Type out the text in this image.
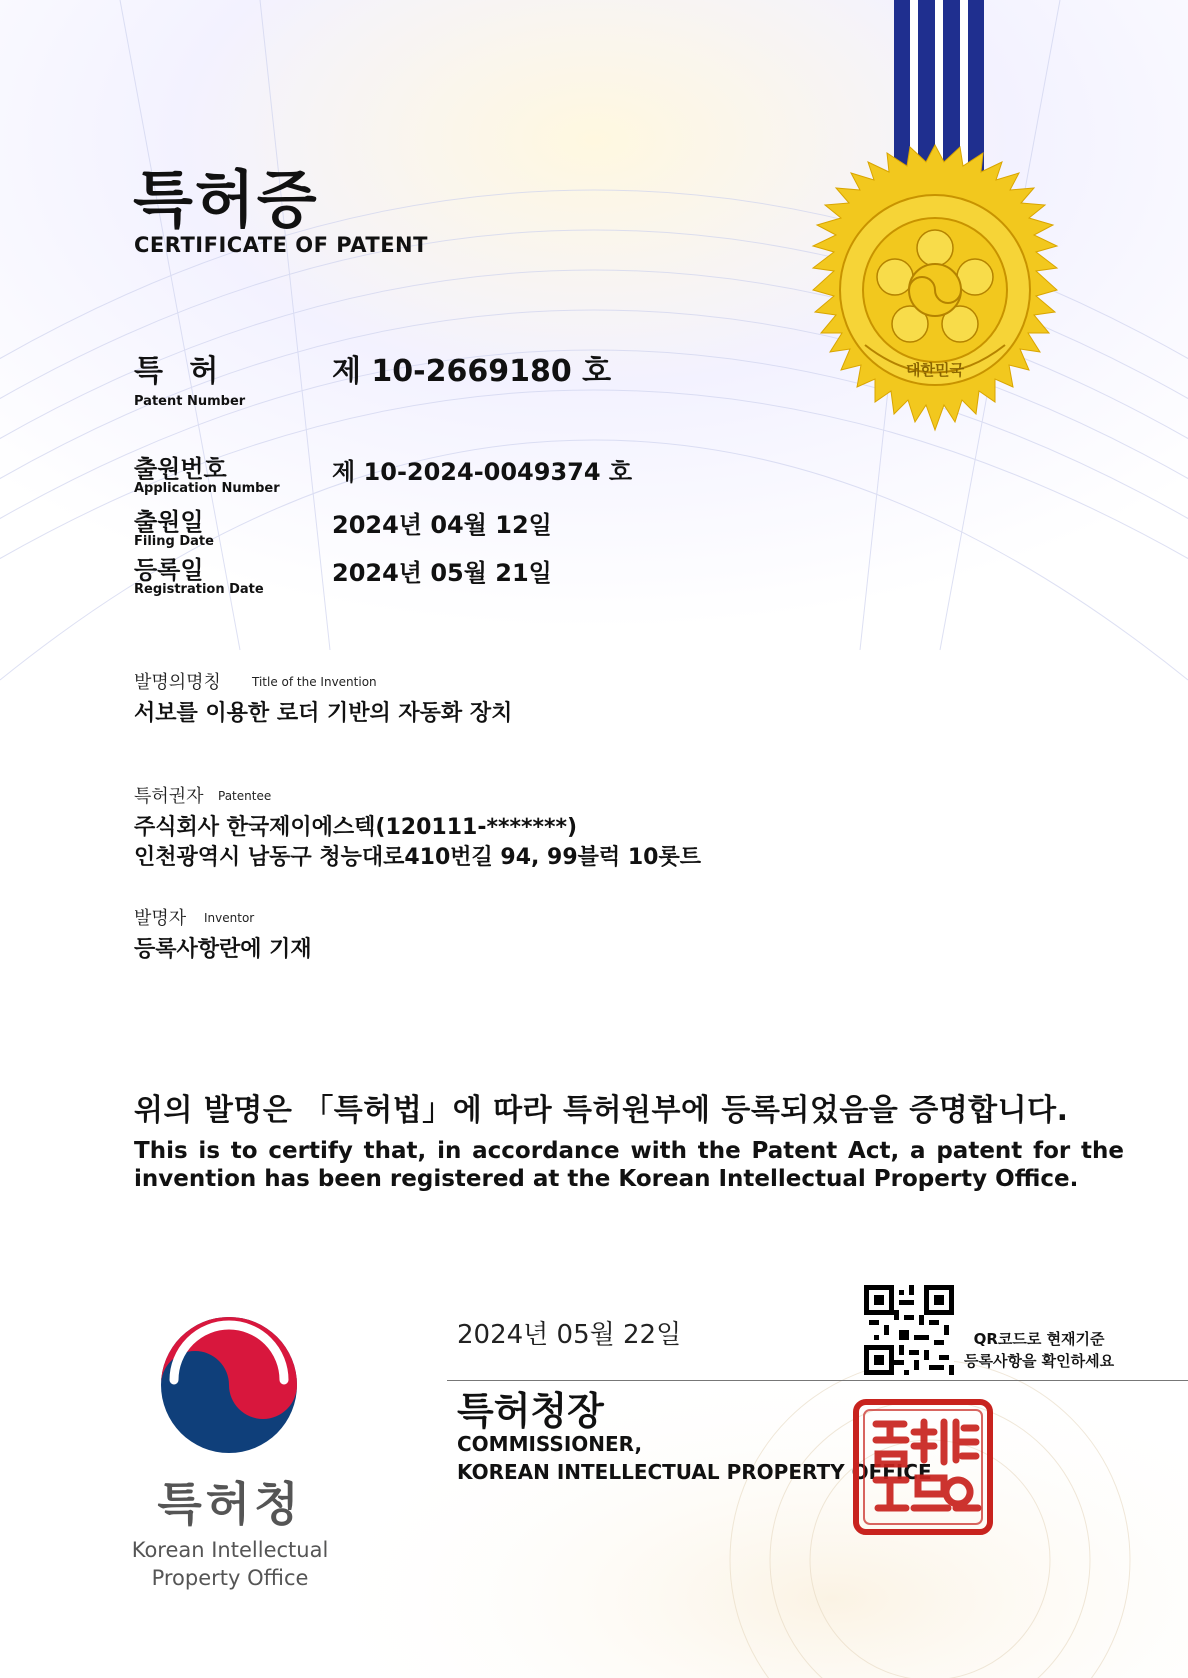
대한민국
특허증
CERTIFICATE OF PATENT
특 허
Patent Number
제 10-2669180 호
출원번호
Application Number
제 10-2024-0049374 호
출원일
Filing Date
2024년 04월 12일
등록일
Registration Date
2024년 05월 21일
발명의명칭	Title of the Invention
서보를 이용한 로더 기반의 자동화 장치
특허권자 Patentee
주식회사 한국제이에스텍(120111-*******)
인천광역시 남동구 청능대로410번길 94, 99블럭 10롯트
발명자 Inventor
등록사항란에 기재
위의 발명은 「특허법」에 따라 특허원부에 등록되었음을 증명합니다.
This is to certify that, in accordance with the Patent Act, a patent for the invention has been registered at the Korean Intellectual Property Office.
QR코드로 현재기준
등록사항을 확인하세요
2024년 05월 22일
특허청장
COMMISSIONER,
KOREAN INTELLECTUAL PROPERTY OFFICE
특허청
Korean Intellectual
Property Office
